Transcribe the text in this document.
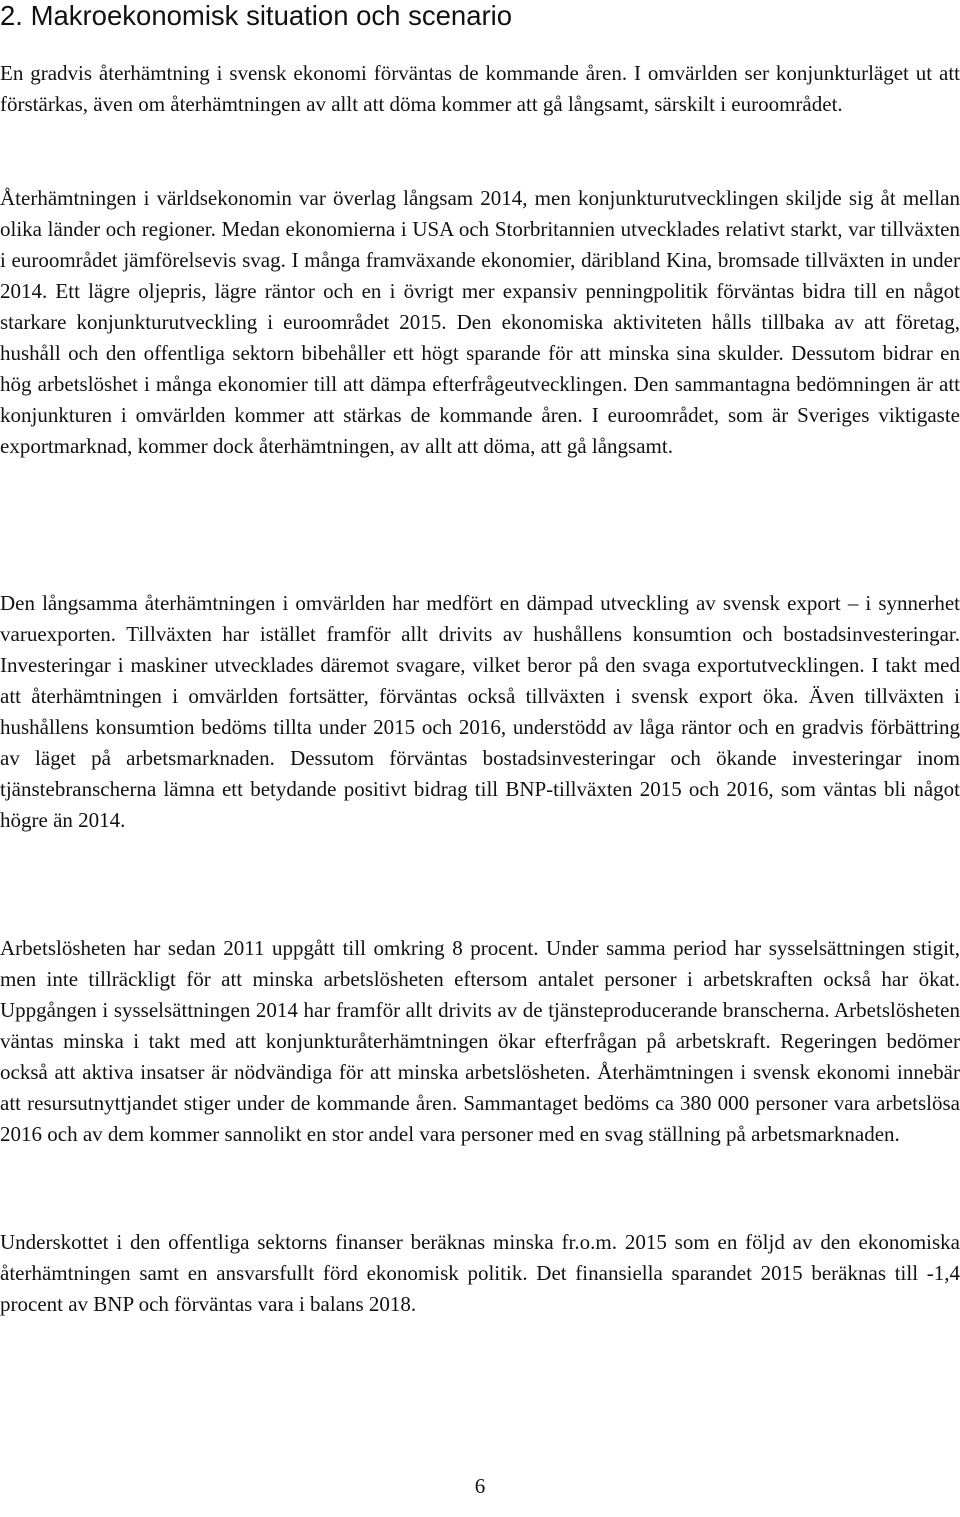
2. Makroekonomisk situation och scenario

En gradvis återhämtning i svensk ekonomi förväntas de kommande åren. I omvärlden ser konjunkturläget ut att förstärkas, även om återhämtningen av allt att döma kommer att gå långsamt, särskilt i euroområdet.

Återhämtningen i världsekonomin var överlag långsam 2014, men konjunkturutvecklingen skiljde sig åt mellan olika länder och regioner. Medan ekonomierna i USA och Storbritannien utvecklades relativt starkt, var tillväxten i euroområdet jämförelsevis svag. I många framväxande ekonomier, däribland Kina, bromsade tillväxten in under 2014. Ett lägre oljepris, lägre räntor och en i övrigt mer expansiv penningpolitik förväntas bidra till en något starkare konjunkturutveckling i euroområdet 2015. Den ekonomiska aktiviteten hålls tillbaka av att företag, hushåll och den offentliga sektorn bibehåller ett högt sparande för att minska sina skulder. Dessutom bidrar en hög arbetslöshet i många ekonomier till att dämpa efterfrågeutvecklingen. Den sammantagna bedömningen är att konjunkturen i omvärlden kommer att stärkas de kommande åren. I euroområdet, som är Sveriges viktigaste exportmarknad, kommer dock återhämtningen, av allt att döma, att gå långsamt.

Den långsamma återhämtningen i omvärlden har medfört en dämpad utveckling av svensk export – i synnerhet varuexporten. Tillväxten har istället framför allt drivits av hushållens konsumtion och bostadsinvesteringar. Investeringar i maskiner utvecklades däremot svagare, vilket beror på den svaga exportutvecklingen. I takt med att återhämtningen i omvärlden fortsätter, förväntas också tillväxten i svensk export öka. Även tillväxten i hushållens konsumtion bedöms tillta under 2015 och 2016, understödd av låga räntor och en gradvis förbättring av läget på arbetsmarknaden. Dessutom förväntas bostadsinvesteringar och ökande investeringar inom tjänstebranscherna lämna ett betydande positivt bidrag till BNP-tillväxten 2015 och 2016, som väntas bli något högre än 2014.

Arbetslösheten har sedan 2011 uppgått till omkring 8 procent. Under samma period har sysselsättningen stigit, men inte tillräckligt för att minska arbetslösheten eftersom antalet personer i arbetskraften också har ökat. Uppgången i sysselsättningen 2014 har framför allt drivits av de tjänsteproducerande branscherna. Arbetslösheten väntas minska i takt med att konjunkturåterhämtningen ökar efterfrågan på arbetskraft. Regeringen bedömer också att aktiva insatser är nödvändiga för att minska arbetslösheten. Återhämtningen i svensk ekonomi innebär att resursutnyttjandet stiger under de kommande åren. Sammantaget bedöms ca 380 000 personer vara arbetslösa 2016 och av dem kommer sannolikt en stor andel vara personer med en svag ställning på arbetsmarknaden.

Underskottet i den offentliga sektorns finanser beräknas minska fr.o.m. 2015 som en följd av den ekonomiska återhämtningen samt en ansvarsfullt förd ekonomisk politik. Det finansiella sparandet 2015 beräknas till -1,4 procent av BNP och förväntas vara i balans 2018.

6
